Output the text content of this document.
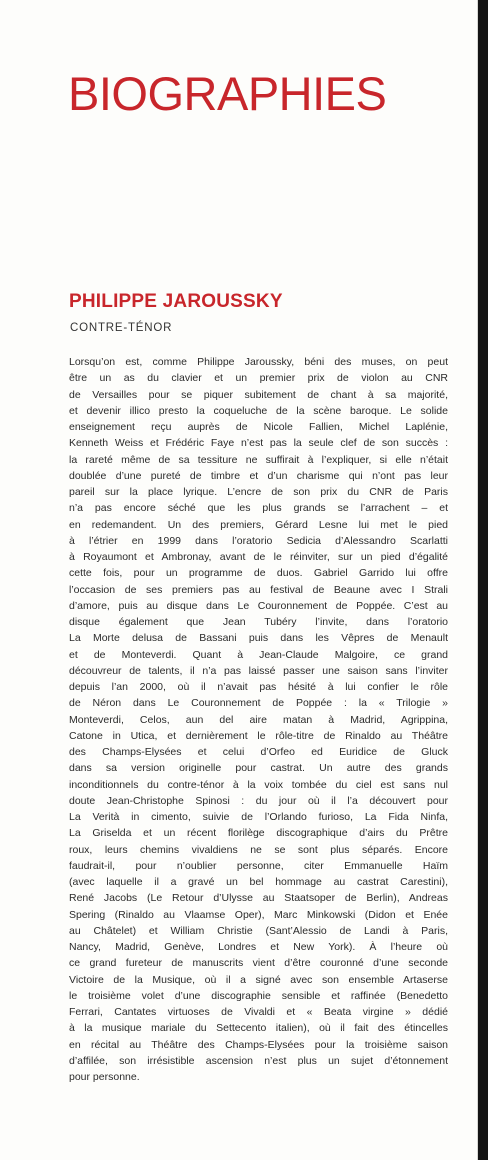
BIOGRAPHIES
PHILIPPE JAROUSSKY

CONTRE-TÉNOR

Lorsqu’on est, comme Philippe Jaroussky, béni des muses, on peut
être un as du clavier et un premier prix de violon au CNR
de Versailles pour se piquer subitement de chant à sa majorité,
et devenir illico presto la coqueluche de la scène baroque. Le solide
enseignement reçu auprès de Nicole Fallien, Michel Laplénie,
Kenneth Weiss et Frédéric Faye n’est pas la seule clef de son succès :
la rareté même de sa tessiture ne suffirait à l’expliquer, si elle n’était
doublée d’une pureté de timbre et d’un charisme qui n’ont pas leur
pareil sur la place lyrique. L’encre de son prix du CNR de Paris
n’a pas encore séché que les plus grands se l’arrachent – et
en redemandent. Un des premiers, Gérard Lesne lui met le pied
à l’étrier en 1999 dans l’oratorio Sedicia d’Alessandro Scarlatti
à Royaumont et Ambronay, avant de le réinviter, sur un pied d’égalité
cette fois, pour un programme de duos. Gabriel Garrido lui offre
l’occasion de ses premiers pas au festival de Beaune avec I Strali
d’amore, puis au disque dans Le Couronnement de Poppée. C’est au
disque également que Jean Tubéry l’invite, dans l’oratorio
La Morte delusa de Bassani puis dans les Vêpres de Menault
et de Monteverdi. Quant à Jean-Claude Malgoire, ce grand
découvreur de talents, il n’a pas laissé passer une saison sans l’inviter
depuis l’an 2000, où il n’avait pas hésité à lui confier le rôle
de Néron dans Le Couronnement de Poppée : la « Trilogie »
Monteverdi, Celos, aun del aire matan à Madrid, Agrippina,
Catone in Utica, et dernièrement le rôle-titre de Rinaldo au Théâtre
des Champs-Elysées et celui d’Orfeo ed Euridice de Gluck
dans sa version originelle pour castrat. Un autre des grands
inconditionnels du contre-ténor à la voix tombée du ciel est sans nul
doute Jean-Christophe Spinosi : du jour où il l’a découvert pour
La Verità in cimento, suivie de l’Orlando furioso, La Fida Ninfa,
La Griselda et un récent florilège discographique d’airs du Prêtre
roux, leurs chemins vivaldiens ne se sont plus séparés. Encore
faudrait-il, pour n’oublier personne, citer Emmanuelle Haïm
(avec laquelle il a gravé un bel hommage au castrat Carestini),
René Jacobs (Le Retour d’Ulysse au Staatsoper de Berlin), Andreas
Spering (Rinaldo au Vlaamse Oper), Marc Minkowski (Didon et Enée
au Châtelet) et William Christie (Sant’Alessio de Landi à Paris,
Nancy, Madrid, Genève, Londres et New York). À l’heure où
ce grand fureteur de manuscrits vient d’être couronné d’une seconde
Victoire de la Musique, où il a signé avec son ensemble Artaserse
le troisième volet d’une discographie sensible et raffinée (Benedetto
Ferrari, Cantates virtuoses de Vivaldi et « Beata virgine » dédié
à la musique mariale du Settecento italien), où il fait des étincelles
en récital au Théâtre des Champs-Elysées pour la troisième saison
d’affilée, son irrésistible ascension n’est plus un sujet d’étonnement
pour personne.
